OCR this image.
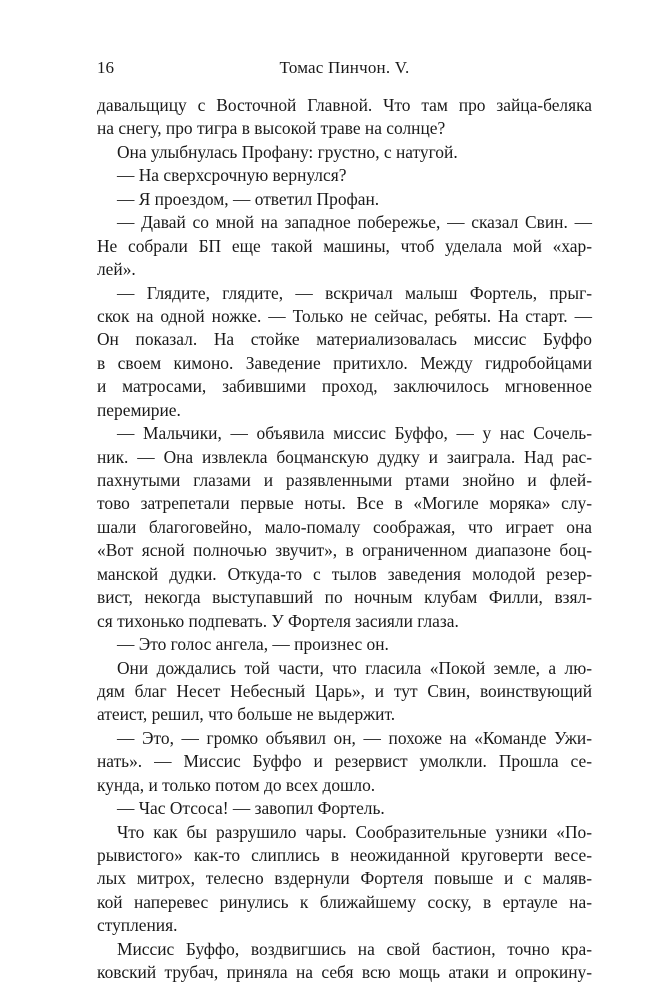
16	Томас Пинчон. V.
давальщицу с Восточной Главной. Что там про зайца-беляка
на снегу, про тигра в высокой траве на солнце?
Она улыбнулась Профану: грустно, с натугой.
— На сверхсрочную вернулся?
— Я проездом, — ответил Профан.
— Давай со мной на западное побережье, — сказал Свин. —
Не собрали БП еще такой машины, чтоб уделала мой «хар-
лей».
— Глядите, глядите, — вскричал малыш Фортель, прыг-
скок на одной ножке. — Только не сейчас, ребяты. На старт. —
Он показал. На стойке материализовалась миссис Буффо
в своем кимоно. Заведение притихло. Между гидробойцами
и матросами, забившими проход, заключилось мгновенное
перемирие.
— Мальчики, — объявила миссис Буффо, — у нас Сочель-
ник. — Она извлекла боцманскую дудку и заиграла. Над рас-
пахнутыми глазами и разявленными ртами знойно и флей-
тово затрепетали первые ноты. Все в «Могиле моряка» слу-
шали благоговейно, мало-помалу соображая, что играет она
«Вот ясной полночью звучит», в ограниченном диапазоне боц-
манской дудки. Откуда-то с тылов заведения молодой резер-
вист, некогда выступавший по ночным клубам Филли, взял-
ся тихонько подпевать. У Фортеля засияли глаза.
— Это голос ангела, — произнес он.
Они дождались той части, что гласила «Покой земле, а лю-
дям благ Несет Небесный Царь», и тут Свин, воинствующий
атеист, решил, что больше не выдержит.
— Это, — громко объявил он, — похоже на «Команде Ужи-
нать». — Миссис Буффо и резервист умолкли. Прошла се-
кунда, и только потом до всех дошло.
— Час Отсоса! — завопил Фортель.
Что как бы разрушило чары. Сообразительные узники «По-
рывистого» как-то слиплись в неожиданной круговерти весе-
лых митрох, телесно вздернули Фортеля повыше и с маляв-
кой наперевес ринулись к ближайшему соску, в ертауле на-
ступления.
Миссис Буффо, воздвигшись на свой бастион, точно кра-
ковский трубач, приняла на себя всю мощь атаки и опрокину-
